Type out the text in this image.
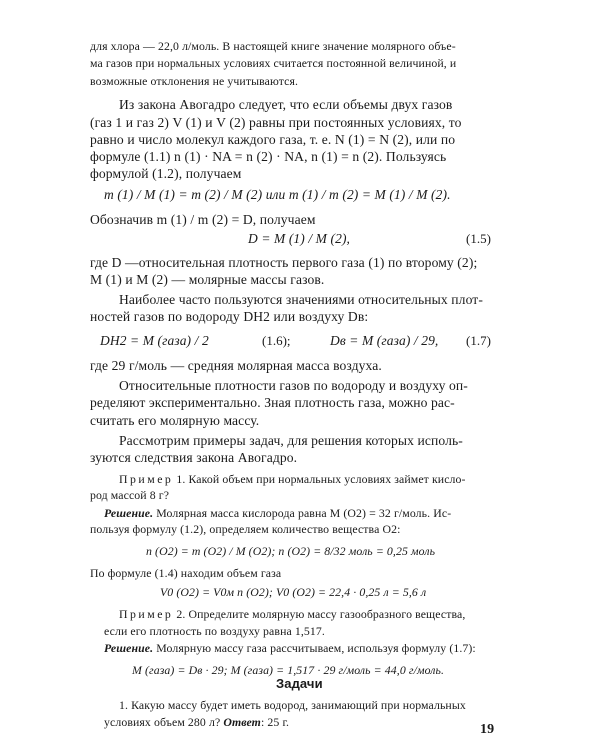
для хлора — 22,0 л/моль. В настоящей книге значение молярного объе-
ма газов при нормальных условиях считается постоянной величиной, и
возможные отклонения не учитываются.
Из закона Авогадро следует, что если объемы двух газов
(газ 1 и газ 2) V (1) и V (2) равны при постоянных условиях, то
равно и число молекул каждого газа, т. е. N (1) = N (2), или по
формуле (1.1) n (1) · NA = n (2) · NA, n (1) = n (2). Пользуясь
формулой (1.2), получаем
m (1) / M (1) = m (2) / M (2) или m (1) / m (2) = M (1) / M (2).
Обозначив m (1) / m (2) = D, получаем
D = M (1) / M (2),	(1.5)
где D —относительная плотность первого газа (1) по второму (2);
M (1) и M (2) — молярные массы газов.
Наиболее часто пользуются значениями относительных плот-
ностей газов по водороду DH2 или воздуху Dв:
DH2 = M (газа) / 2	(1.6);	Dв = M (газа) / 29, (1.7)
где 29 г/моль — средняя молярная масса воздуха.
Относительные плотности газов по водороду и воздуху оп-
ределяют экспериментально. Зная плотность газа, можно рас-
считать его молярную массу.
Рассмотрим примеры задач, для решения которых исполь-
зуются следствия закона Авогадро.
Пример 1. Какой объем при нормальных условиях займет кисло-
род массой 8 г?
Решение. Молярная масса кислорода равна M (O2) = 32 г/моль. Ис-
пользуя формулу (1.2), определяем количество вещества O2:
n (O2) = m (O2) / M (O2); n (O2) = 8/32 моль = 0,25 моль
По формуле (1.4) находим объем газа
V0 (O2) = V0м n (O2); V0 (O2) = 22,4 · 0,25 л = 5,6 л
Пример 2. Определите молярную массу газообразного вещества,
если его плотность по воздуху равна 1,517.
Решение. Молярную массу газа рассчитываем, используя формулу (1.7):
M (газа) = Dв · 29; M (газа) = 1,517 · 29 г/моль = 44,0 г/моль.
Задачи
1. Какую массу будет иметь водород, занимающий при нормальных
условиях объем 280 л? Ответ: 25 г.	19
